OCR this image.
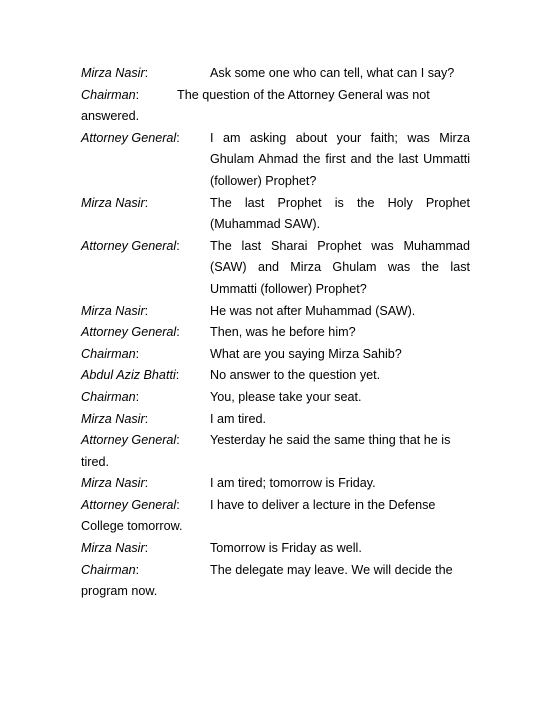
Mirza Nasir:	Ask some one who can tell, what can I say?

Chairman:	The question of the Attorney General was not answered.

Attorney General:	I am asking about your faith; was Mirza Ghulam Ahmad the first and the last Ummatti (follower) Prophet?

Mirza Nasir:	The last Prophet is the Holy Prophet (Muhammad SAW).

Attorney General:	The last Sharai Prophet was Muhammad (SAW) and Mirza Ghulam was the last Ummatti (follower) Prophet?

Mirza Nasir:	He was not after Muhammad (SAW).

Attorney General:	Then, was he before him?

Chairman:	What are you saying Mirza Sahib?

Abdul Aziz Bhatti:	No answer to the question yet.

Chairman:	You, please take your seat.

Mirza Nasir:	I am tired.

Attorney General: Yesterday he said the same thing that he is tired.

Mirza Nasir:	I am tired; tomorrow is Friday.

Attorney General: I have to deliver a lecture in the Defense College tomorrow.

Mirza Nasir:	Tomorrow is Friday as well.

Chairman:	The delegate may leave. We will decide the program now.
